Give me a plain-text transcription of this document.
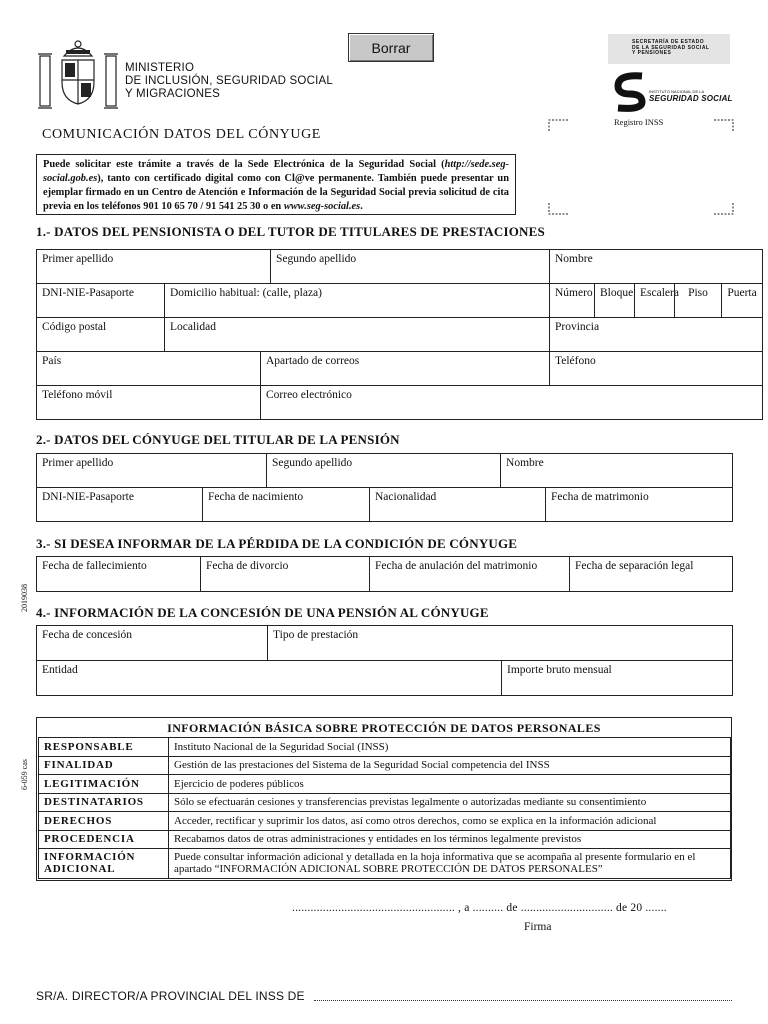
MINISTERIO
DE INCLUSIÓN, SEGURIDAD SOCIAL
Y MIGRACIONES
Borrar	SECRETARÍA DE ESTADO
DE LA SEGURIDAD SOCIAL
Y PENSIONES
INSTITUTO NACIONAL DE LA
SEGURIDAD SOCIAL
Registro INSS
COMUNICACIÓN DATOS DEL CÓNYUGE
Puede solicitar este trámite a través de la Sede Electrónica de la Seguridad Social (http://sede.seg-social.gob.es), tanto con certificado digital como con Cl@ve permanente. También puede presentar un ejemplar firmado en un Centro de Atención e Información de la Seguridad Social previa solicitud de cita previa en los teléfonos 901 10 65 70 / 91 541 25 30 o en www.seg-social.es.
1.- DATOS DEL PENSIONISTA O DEL TUTOR DE TITULARES DE PRESTACIONES
Primer apellido			Segundo apellido	Nombre				
DNI-NIE-Pasaporte	Domicilio habitual: (calle, plaza)			Número	Bloque	Escalera	Piso	Puerta
Código postal	Localidad			Provincia				
País		Apartado de correos		Teléfono				
Teléfono móvil		Correo electrónico						
2.- DATOS DEL CÓNYUGE DEL TITULAR DE LA PENSIÓN
Primer apellido		Segundo apellido		Nombre	
DNI-NIE-Pasaporte	Fecha de nacimiento		Nacionalidad		Fecha de matrimonio
3.- SI DESEA INFORMAR DE LA PÉRDIDA DE LA CONDICIÓN DE CÓNYUGE
Fecha de fallecimiento	Fecha de divorcio	Fecha de anulación del matrimonio	Fecha de separación legal
2019038
4.- INFORMACIÓN DE LA CONCESIÓN DE UNA PENSIÓN AL CÓNYUGE
Fecha de concesión	Tipo de prestación	
Entidad		Importe bruto mensual
6-059 cas
INFORMACIÓN BÁSICA SOBRE PROTECCIÓN DE DATOS PERSONALES
RESPONSABLE	Instituto Nacional de la Seguridad Social (INSS)
FINALIDAD	Gestión de las prestaciones del Sistema de la Seguridad Social competencia del INSS
LEGITIMACIÓN	Ejercicio de poderes públicos
DESTINATARIOS	Sólo se efectuarán cesiones y transferencias previstas legalmente o autorizadas mediante su consentimiento
DERECHOS	Acceder, rectificar y suprimir los datos, así como otros derechos, como se explica en la información adicional
PROCEDENCIA	Recabamos datos de otras administraciones y entidades en los términos legalmente previstos

INFORMACIÓN
ADICIONAL	Puede consultar información adicional y detallada en la hoja informativa que se acompaña al presente formulario en el apartado “INFORMACIÓN ADICIONAL SOBRE PROTECCIÓN DE DATOS PERSONALES”
..................................................... , a .......... de .............................. de 20 .......
Firma
SR/A. DIRECTOR/A PROVINCIAL DEL INSS DE
